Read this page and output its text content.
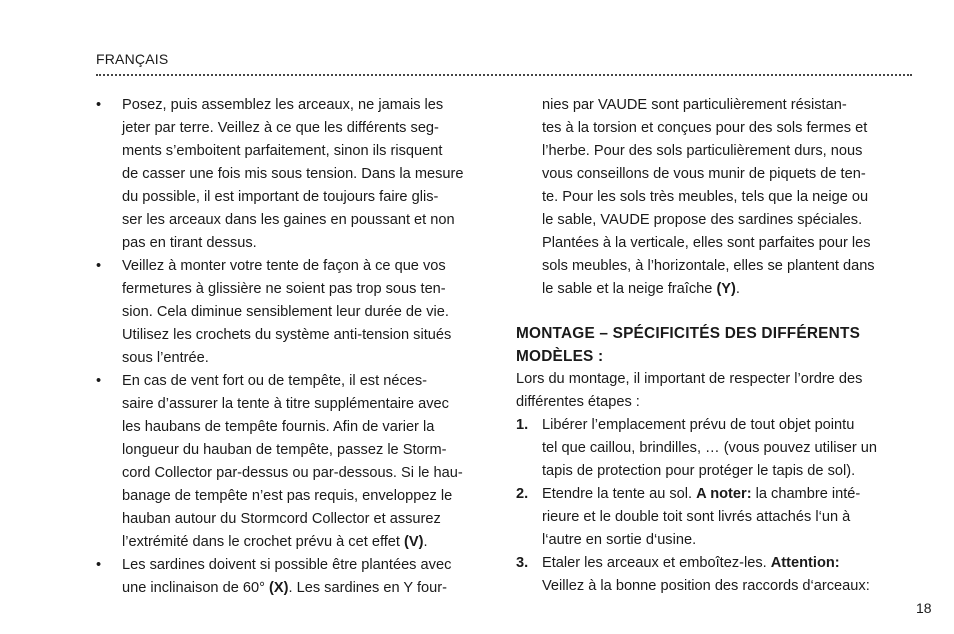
FRANÇAIS
• Posez, puis assemblez les arceaux, ne jamais les
jeter par terre. Veillez à ce que les différents seg-
ments s’emboitent parfaitement, sinon ils risquent
de casser une fois mis sous tension. Dans la mesure
du possible, il est important de toujours faire glis-
ser les arceaux dans les gaines en poussant et non
pas en tirant dessus.
• Veillez à monter votre tente de façon à ce que vos
fermetures à glissière ne soient pas trop sous ten-
sion. Cela diminue sensiblement leur durée de vie.
Utilisez les crochets du système anti-tension situés
sous l’entrée.
• En cas de vent fort ou de tempête, il est néces-
saire d’assurer la tente à titre supplémentaire avec
les haubans de tempête fournis. Afin de varier la
longueur du hauban de tempête, passez le Storm-
cord Collector par-dessus ou par-dessous. Si le hau-
banage de tempête n’est pas requis, enveloppez le
hauban autour du Stormcord Collector et assurez
l’extrémité dans le crochet prévu à cet effet (V).
• Les sardines doivent si possible être plantées avec
une inclinaison de 60° (X). Les sardines en Y four-
nies par VAUDE sont particulièrement résistan-
tes à la torsion et conçues pour des sols fermes et
l’herbe. Pour des sols particulièrement durs, nous
vous conseillons de vous munir de piquets de ten-
te. Pour les sols très meubles, tels que la neige ou
le sable, VAUDE propose des sardines spéciales.
Plantées à la verticale, elles sont parfaites pour les
sols meubles, à l’horizontale, elles se plantent dans
le sable et la neige fraîche (Y).
MONTAGE – SPÉCIFICITÉS DES DIFFÉRENTS
MODÈLES :
Lors du montage, il important de respecter l’ordre des
différentes étapes :
1. Libérer l’emplacement prévu de tout objet pointu
tel que caillou, brindilles, … (vous pouvez utiliser un
tapis de protection pour protéger le tapis de sol).
2. Etendre la tente au sol. A noter: la chambre inté-
rieure et le double toit sont livrés attachés l‘un à
l‘autre en sortie d‘usine.
3. Etaler les arceaux et emboîtez-les. Attention:
Veillez à la bonne position des raccords d‘arceaux:
18
